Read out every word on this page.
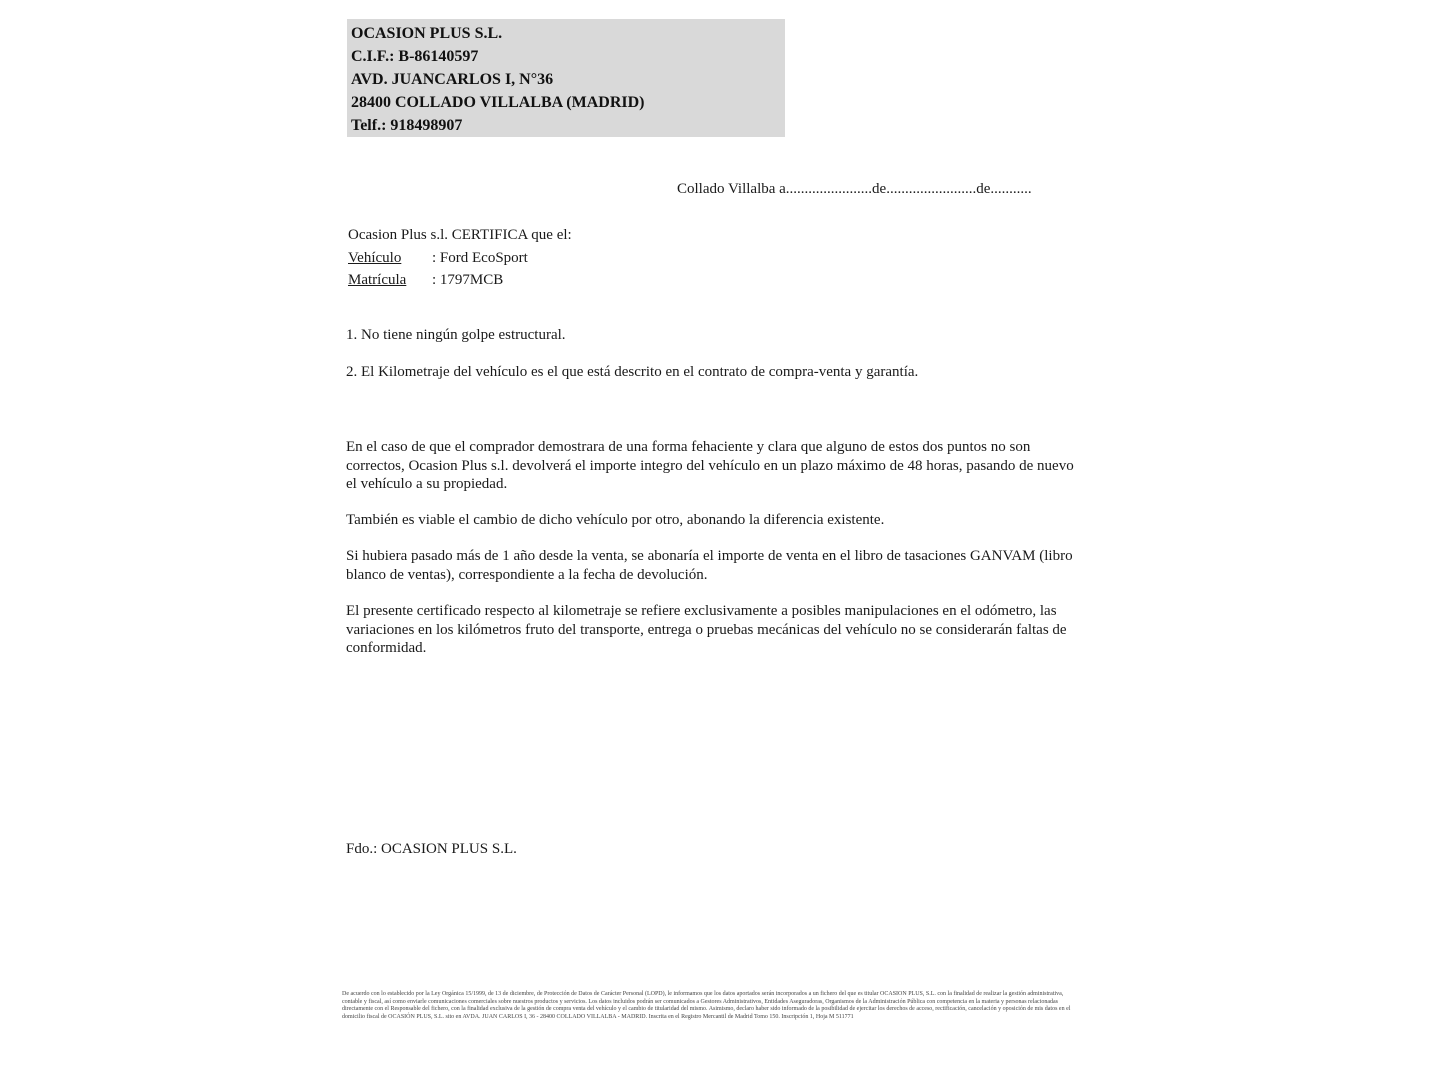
OCASION PLUS S.L.
C.I.F.: B-86140597
AVD. JUANCARLOS I, N°36
28400 COLLADO VILLALBA (MADRID)
Telf.: 918498907
Collado Villalba a.......................de........................de...........
Ocasion Plus s.l. CERTIFICA que el:
Vehículo : Ford EcoSport
Matrícula : 1797MCB
1. No tiene ningún golpe estructural.
2. El Kilometraje del vehículo es el que está descrito en el contrato de compra-venta y garantía.
En el caso de que el comprador demostrara de una forma fehaciente y clara que alguno de estos dos puntos no son correctos, Ocasion Plus s.l. devolverá el importe integro del vehículo en un plazo máximo de 48 horas, pasando de nuevo el vehículo a su propiedad.
También es viable el cambio de dicho vehículo por otro, abonando la diferencia existente.
Si hubiera pasado más de 1 año desde la venta, se abonaría el importe de venta en el libro de tasaciones GANVAM (libro blanco de ventas), correspondiente a la fecha de devolución.
El presente certificado respecto al kilometraje se refiere exclusivamente a posibles manipulaciones en el odómetro, las variaciones en los kilómetros fruto del transporte, entrega o pruebas mecánicas del vehículo no se considerarán faltas de conformidad.
Fdo.: OCASION PLUS S.L.
De acuerdo con lo establecido por la Ley Orgánica 15/1999, de 13 de diciembre, de Protección de Datos de Carácter Personal (LOPD), le informamos que los datos aportados serán incorporados a un fichero del que es titular OCASION PLUS, S.L. con la finalidad de realizar la gestión administrativa, contable y fiscal, así como enviarle comunicaciones comerciales sobre nuestros productos y servicios. Los datos incluidos podrán ser comunicados a Gestores Administrativos, Entidades Aseguradoras, Organismos de la Administración Pública con competencia en la materia y personas relacionadas directamente con el Responsable del fichero, con la finalidad exclusiva de la gestión de compra venta del vehículo y el cambio de titularidad del mismo. Asimismo, declaro haber sido informado de la posibilidad de ejercitar los derechos de acceso, rectificación, cancelación y oposición de mis datos en el domicilio fiscal de OCASIÓN PLUS, S.L. sito en AVDA. JUAN CARLOS I, 36 - 28400 COLLADO VILLALBA - MADRID. Inscrita en el Registro Mercantil de Madrid Tomo 150. Inscripción 1, Hoja M 511771
